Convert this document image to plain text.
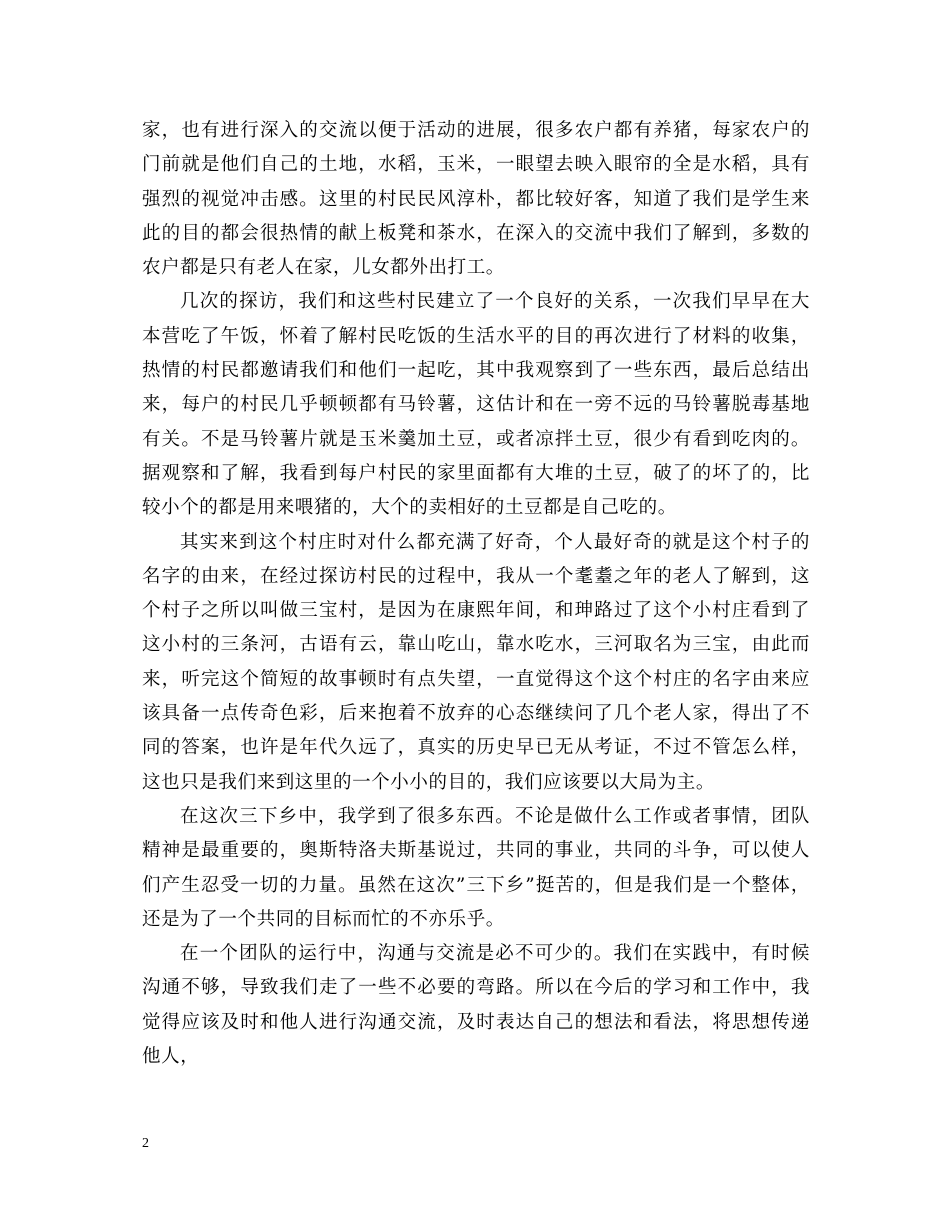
家，也有进行深入的交流以便于活动的进展，很多农户都有养猪，每家农户的门前就是他们自己的土地，水稻，玉米，一眼望去映入眼帘的全是水稻，具有强烈的视觉冲击感。这里的村民民风淳朴，都比较好客，知道了我们是学生来此的目的都会很热情的献上板凳和茶水，在深入的交流中我们了解到，多数的农户都是只有老人在家，儿女都外出打工。

几次的探访，我们和这些村民建立了一个良好的关系，一次我们早早在大本营吃了午饭，怀着了解村民吃饭的生活水平的目的再次进行了材料的收集，热情的村民都邀请我们和他们一起吃，其中我观察到了一些东西，最后总结出来，每户的村民几乎顿顿都有马铃薯，这估计和在一旁不远的马铃薯脱毒基地有关。不是马铃薯片就是玉米羹加土豆，或者凉拌土豆，很少有看到吃肉的。据观察和了解，我看到每户村民的家里面都有大堆的土豆，破了的坏了的，比较小个的都是用来喂猪的，大个的卖相好的土豆都是自己吃的。

其实来到这个村庄时对什么都充满了好奇，个人最好奇的就是这个村子的名字的由来，在经过探访村民的过程中，我从一个耄耋之年的老人了解到，这个村子之所以叫做三宝村，是因为在康熙年间，和珅路过了这个小村庄看到了这小村的三条河，古语有云，靠山吃山，靠水吃水，三河取名为三宝，由此而来，听完这个简短的故事顿时有点失望，一直觉得这个这个村庄的名字由来应该具备一点传奇色彩，后来抱着不放弃的心态继续问了几个老人家，得出了不同的答案，也许是年代久远了，真实的历史早已无从考证，不过不管怎么样，这也只是我们来到这里的一个小小的目的，我们应该要以大局为主。

在这次三下乡中，我学到了很多东西。不论是做什么工作或者事情，团队精神是最重要的，奥斯特洛夫斯基说过，共同的事业，共同的斗争，可以使人们产生忍受一切的力量。虽然在这次”三下乡”挺苦的，但是我们是一个整体，还是为了一个共同的目标而忙的不亦乐乎。

在一个团队的运行中，沟通与交流是必不可少的。我们在实践中，有时候沟通不够，导致我们走了一些不必要的弯路。所以在今后的学习和工作中，我觉得应该及时和他人进行沟通交流，及时表达自己的想法和看法，将思想传递他人，

2
